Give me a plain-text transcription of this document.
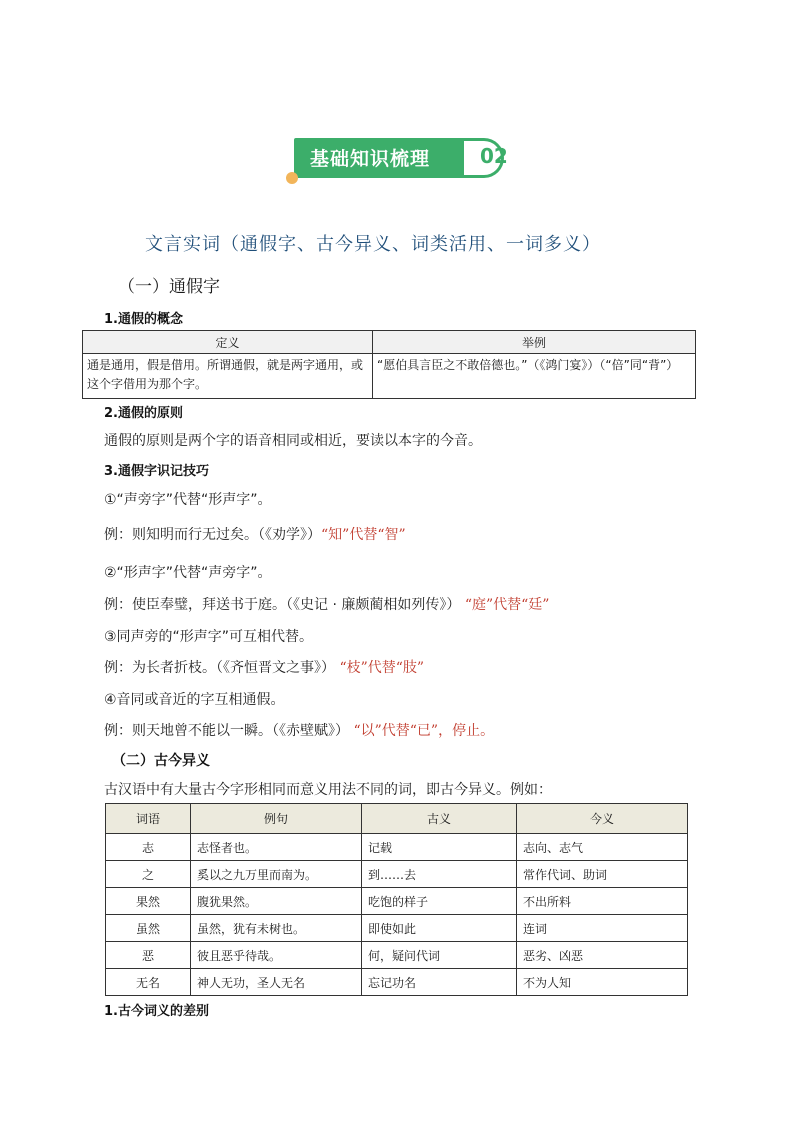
基础知识梳理 02
文言实词（通假字、古今异义、词类活用、一词多义）
（一）通假字
1.通假的概念
定义	举例
通是通用，假是借用。所谓通假，就是两字通用，或这个字借用为那个字。	“愿伯具言臣之不敢倍德也。”（《鸿门宴》）（“倍”同“背”）
2.通假的原则
通假的原则是两个字的语音相同或相近，要读以本字的今音。
3.通假字识记技巧
①“声旁字”代替“形声字”。
例：则知明而行无过矣。（《劝学》）“知”代替“智”
②“形声字”代替“声旁字”。
例：使臣奉璧，拜送书于庭。（《史记 · 廉颇蔺相如列传》） “庭”代替“廷”
③同声旁的“形声字”可互相代替。
例：为长者折枝。（《齐恒晋文之事》） “枝”代替“肢”
④音同或音近的字互相通假。
例：则天地曾不能以一瞬。（《赤壁赋》） “以”代替“已”，停止。
（二）古今异义
古汉语中有大量古今字形相同而意义用法不同的词，即古今异义。例如：
词语	例句	古义	今义
志	志怪者也。	记载	志向、志气
之	奚以之九万里而南为。	到……去	常作代词、助词
果然	腹犹果然。	吃饱的样子	不出所料
虽然	虽然，犹有未树也。	即使如此	连词
恶	彼且恶乎待哉。	何，疑问代词	恶劣、凶恶
无名	神人无功，圣人无名	忘记功名	不为人知
1.古今词义的差别
